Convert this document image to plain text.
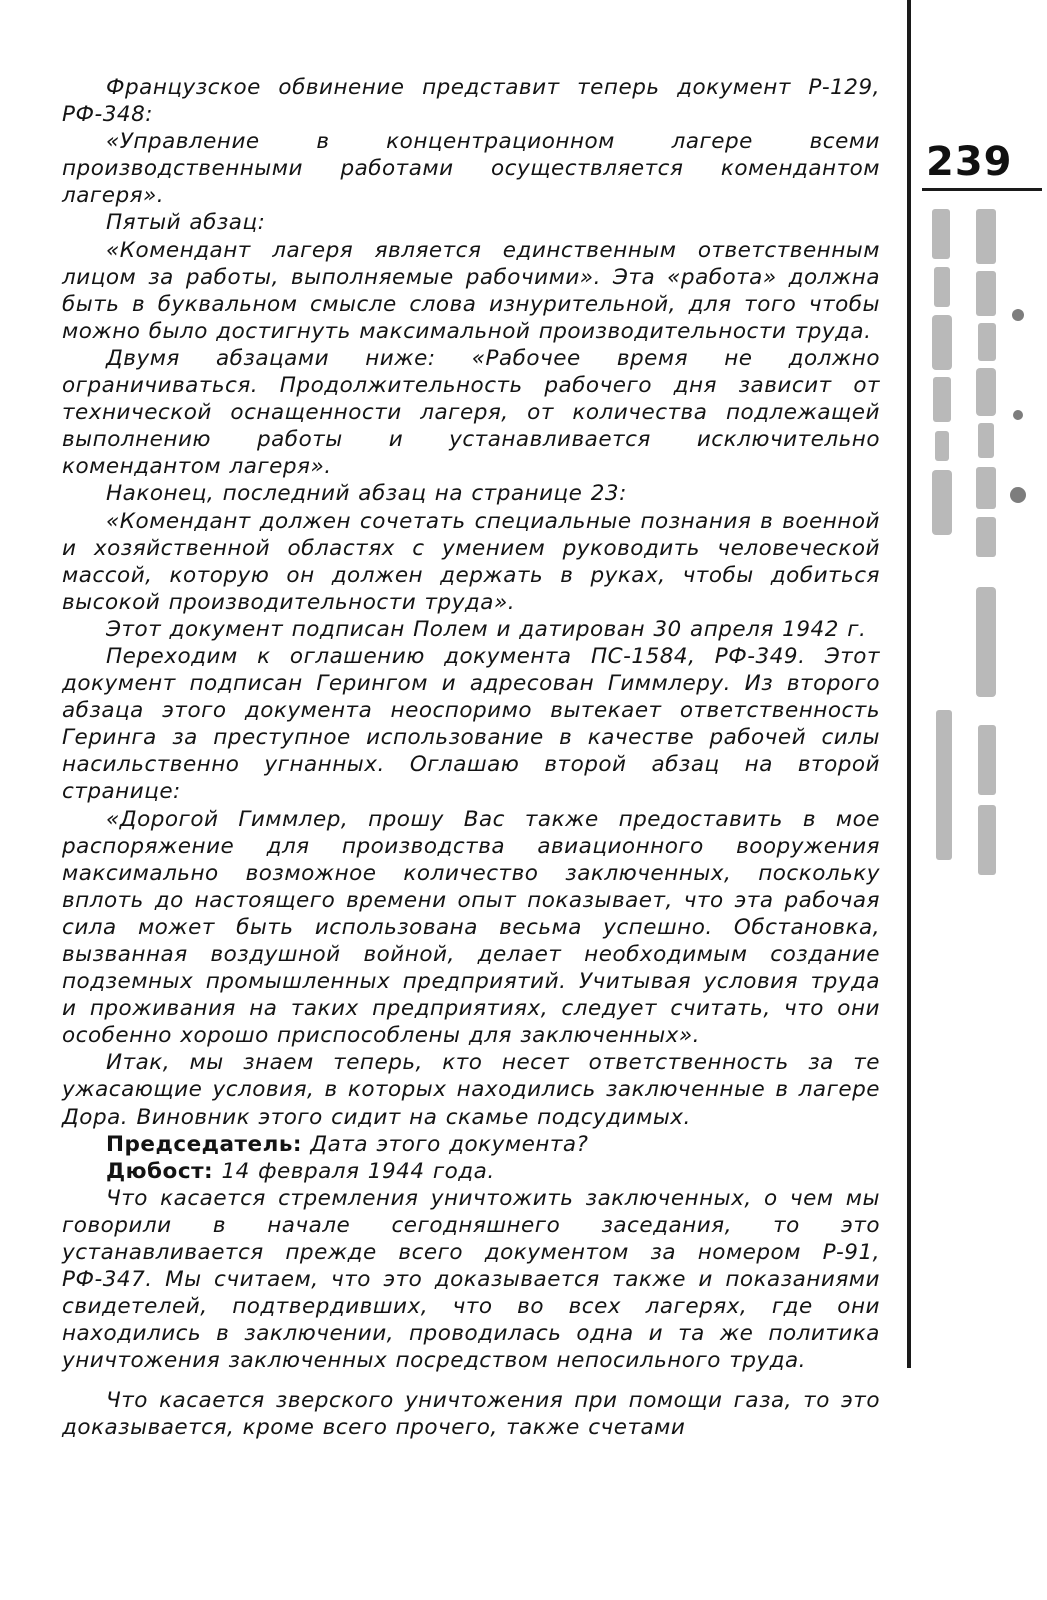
239

Французское обвинение представит теперь документ Р-129, РФ-348:

«Управление в концентрационном лагере всеми производственными работами осуществляется комендантом лагеря».

Пятый абзац:

«Комендант лагеря является единственным ответственным лицом за работы, выполняемые рабочими». Эта «работа» должна быть в буквальном смысле слова изнурительной, для того чтобы можно было достигнуть максимальной производительности труда.

Двумя абзацами ниже: «Рабочее время не должно ограничиваться. Продолжительность рабочего дня зависит от технической оснащенности лагеря, от количества подлежащей выполнению работы и устанавливается исключительно комендантом лагеря».

Наконец, последний абзац на странице 23:

«Комендант должен сочетать специальные познания в военной и хозяйственной областях с умением руководить человеческой массой, которую он должен держать в руках, чтобы добиться высокой производительности труда».

Этот документ подписан Полем и датирован 30 апреля 1942 г.

Переходим к оглашению документа ПС-1584, РФ-349. Этот документ подписан Герингом и адресован Гиммлеру. Из второго абзаца этого документа неоспоримо вытекает ответственность Геринга за преступное использование в качестве рабочей силы насильственно угнанных. Оглашаю второй абзац на второй странице:

«Дорогой Гиммлер, прошу Вас также предоставить в мое распоряжение для производства авиационного вооружения максимально возможное количество заключенных, поскольку вплоть до настоящего времени опыт показывает, что эта рабочая сила может быть использована весьма успешно. Обстановка, вызванная воздушной войной, делает необходимым создание подземных промышленных предприятий. Учитывая условия труда и проживания на таких предприятиях, следует считать, что они особенно хорошо приспособлены для заключенных».

Итак, мы знаем теперь, кто несет ответственность за те ужасающие условия, в которых находились заключенные в лагере Дора. Виновник этого сидит на скамье подсудимых.

Председатель: Дата этого документа?

Дюбост: 14 февраля 1944 года.

Что касается стремления уничтожить заключенных, о чем мы говорили в начале сегодняшнего заседания, то это устанавливается прежде всего документом за номером Р-91, РФ-347. Мы считаем, что это доказывается также и показаниями свидетелей, подтвердивших, что во всех лагерях, где они находились в заключении, проводилась одна и та же политика уничтожения заключенных посредством непосильного труда.

Что касается зверского уничтожения при помощи газа, то это доказывается, кроме всего прочего, также счетами
